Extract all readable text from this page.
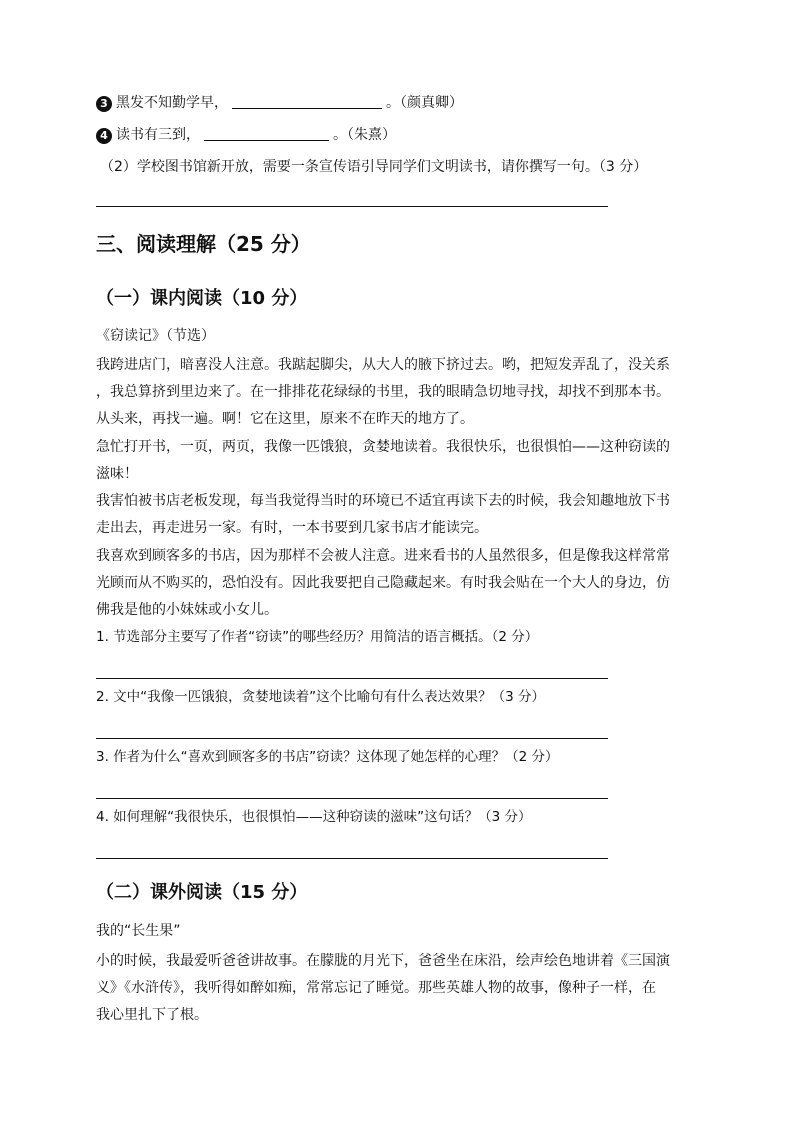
3 黑发不知勤学早，	。（颜真卿）
4 读书有三到，	。（朱熹）
（2）学校图书馆新开放，需要一条宣传语引导同学们文明读书，请你撰写一句。（3 分）
三、阅读理解（25 分）
（一）课内阅读（10 分）
《窃读记》（节选）
我跨进店门，暗喜没人注意。我踮起脚尖，从大人的腋下挤过去。哟，把短发弄乱了，没关系
，我总算挤到里边来了。在一排排花花绿绿的书里，我的眼睛急切地寻找，却找不到那本书。
从头来，再找一遍。啊！它在这里，原来不在昨天的地方了。
急忙打开书，一页，两页，我像一匹饿狼，贪婪地读着。我很快乐，也很惧怕——这种窃读的
滋味！
我害怕被书店老板发现，每当我觉得当时的环境已不适宜再读下去的时候，我会知趣地放下书
走出去，再走进另一家。有时，一本书要到几家书店才能读完。
我喜欢到顾客多的书店，因为那样不会被人注意。进来看书的人虽然很多，但是像我这样常常
光顾而从不购买的，恐怕没有。因此我要把自己隐藏起来。有时我会贴在一个大人的身边，仿
佛我是他的小妹妹或小女儿。
1. 节选部分主要写了作者“窃读”的哪些经历？用简洁的语言概括。（2 分）
2. 文中“我像一匹饿狼，贪婪地读着”这个比喻句有什么表达效果？（3 分）
3. 作者为什么“喜欢到顾客多的书店”窃读？这体现了她怎样的心理？（2 分）
4. 如何理解“我很快乐，也很惧怕——这种窃读的滋味”这句话？（3 分）
（二）课外阅读（15 分）
我的“长生果”
小的时候，我最爱听爸爸讲故事。在朦胧的月光下，爸爸坐在床沿，绘声绘色地讲着《三国演
义》《水浒传》，我听得如醉如痴，常常忘记了睡觉。那些英雄人物的故事，像种子一样，在
我心里扎下了根。
